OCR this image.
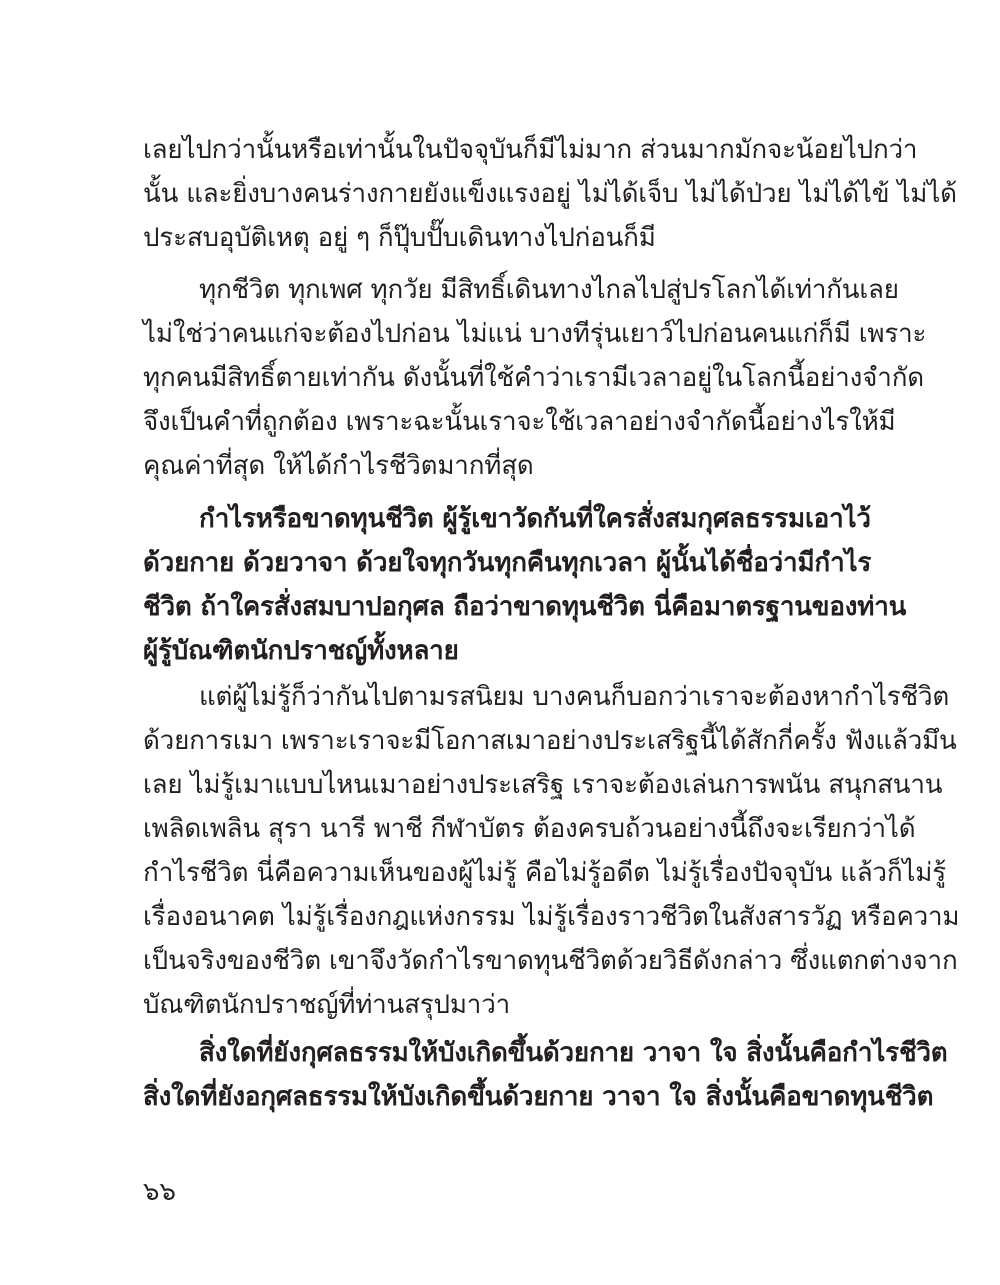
เลยไปกว่านั้นหรือเท่านั้นในปัจจุบันก็มีไม่มาก ส่วนมากมักจะน้อยไปกว่า
นั้น และยิ่งบางคนร่างกายยังแข็งแรงอยู่ ไม่ได้เจ็บ ไม่ได้ป่วย ไม่ได้ไข้ ไม่ได้
ประสบอุบัติเหตุ อยู่ ๆ ก็ปุ๊บปั๊บเดินทางไปก่อนก็มี
ทุกชีวิต ทุกเพศ ทุกวัย มีสิทธิ์เดินทางไกลไปสู่ปรโลกได้เท่ากันเลย
ไม่ใช่ว่าคนแก่จะต้องไปก่อน ไม่แน่ บางทีรุ่นเยาว์ไปก่อนคนแก่ก็มี เพราะ
ทุกคนมีสิทธิ์ตายเท่ากัน ดังนั้นที่ใช้คำว่าเรามีเวลาอยู่ในโลกนี้อย่างจำกัด
จึงเป็นคำที่ถูกต้อง เพราะฉะนั้นเราจะใช้เวลาอย่างจำกัดนี้อย่างไรให้มี
คุณค่าที่สุด ให้ได้กำไรชีวิตมากที่สุด
กำไรหรือขาดทุนชีวิต ผู้รู้เขาวัดกันที่ใครสั่งสมกุศลธรรมเอาไว้
ด้วยกาย ด้วยวาจา ด้วยใจทุกวันทุกคืนทุกเวลา ผู้นั้นได้ชื่อว่ามีกำไร
ชีวิต ถ้าใครสั่งสมบาปอกุศล ถือว่าขาดทุนชีวิต นี่คือมาตรฐานของท่าน
ผู้รู้บัณฑิตนักปราชญ์ทั้งหลาย
แต่ผู้ไม่รู้ก็ว่ากันไปตามรสนิยม บางคนก็บอกว่าเราจะต้องหากำไรชีวิต
ด้วยการเมา เพราะเราจะมีโอกาสเมาอย่างประเสริฐนี้ได้สักกี่ครั้ง ฟังแล้วมึน
เลย ไม่รู้เมาแบบไหนเมาอย่างประเสริฐ เราจะต้องเล่นการพนัน สนุกสนาน
เพลิดเพลิน สุรา นารี พาชี กีฬาบัตร ต้องครบถ้วนอย่างนี้ถึงจะเรียกว่าได้
กำไรชีวิต นี่คือความเห็นของผู้ไม่รู้ คือไม่รู้อดีต ไม่รู้เรื่องปัจจุบัน แล้วก็ไม่รู้
เรื่องอนาคต ไม่รู้เรื่องกฎแห่งกรรม ไม่รู้เรื่องราวชีวิตในสังสารวัฏ หรือความ
เป็นจริงของชีวิต เขาจึงวัดกำไรขาดทุนชีวิตด้วยวิธีดังกล่าว ซึ่งแตกต่างจาก
บัณฑิตนักปราชญ์ที่ท่านสรุปมาว่า
สิ่งใดที่ยังกุศลธรรมให้บังเกิดขึ้นด้วยกาย วาจา ใจ สิ่งนั้นคือกำไรชีวิต
สิ่งใดที่ยังอกุศลธรรมให้บังเกิดขึ้นด้วยกาย วาจา ใจ สิ่งนั้นคือขาดทุนชีวิต
๖๖
